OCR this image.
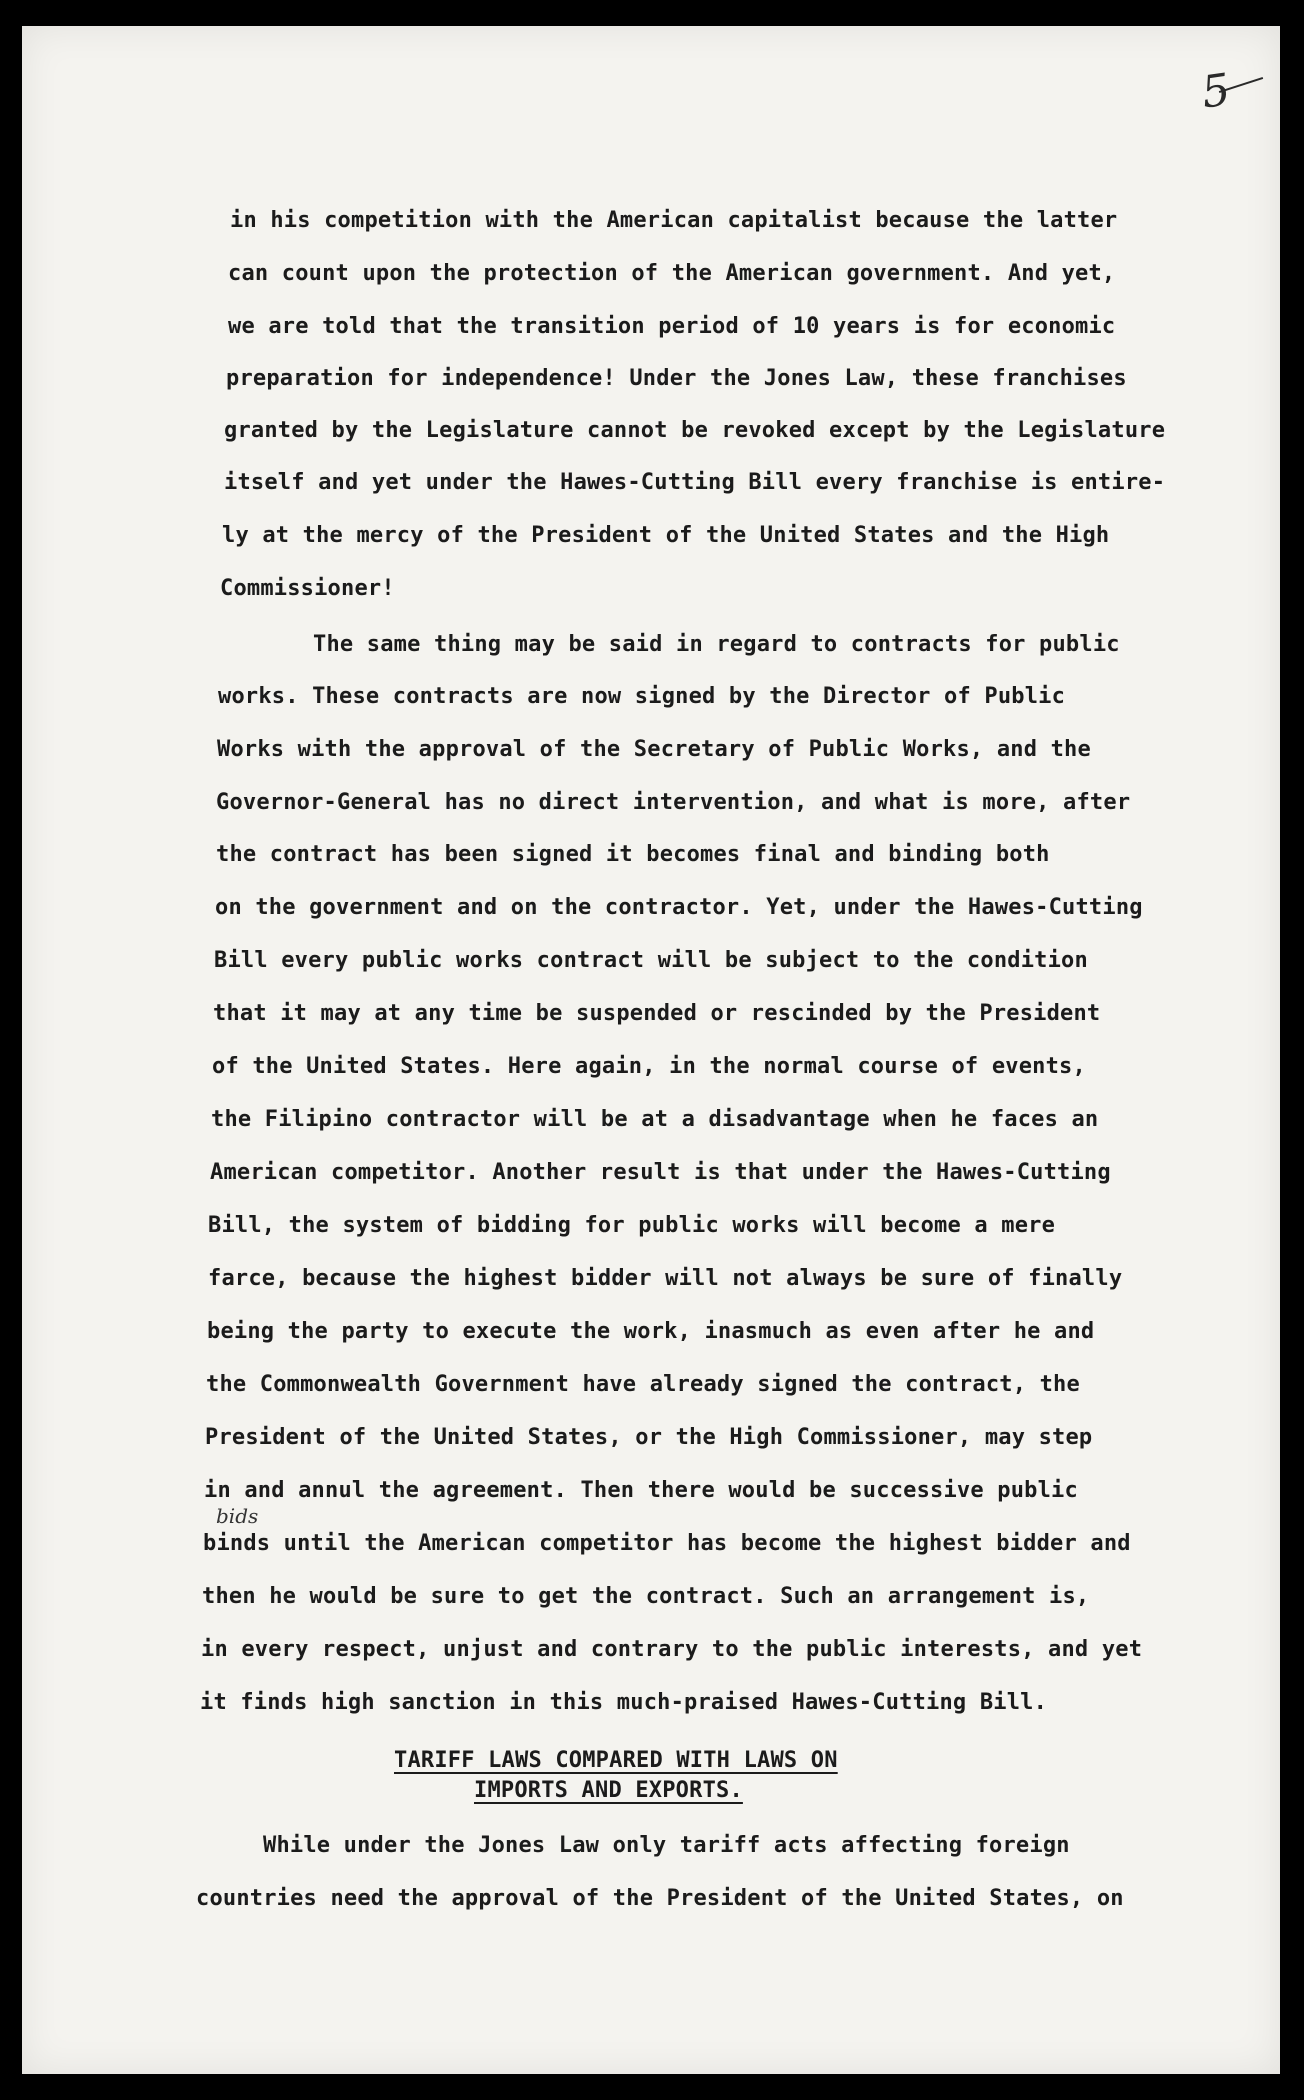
5
in his competition with the American capitalist because the latter
can count upon the protection of the American government. And yet,
we are told that the transition period of 10 years is for economic
preparation for independence! Under the Jones Law, these franchises
granted by the Legislature cannot be revoked except by the Legislature
itself and yet under the Hawes-Cutting Bill every franchise is entire-
ly at the mercy of the President of the United States and the High
Commissioner!
The same thing may be said in regard to contracts for public
works. These contracts are now signed by the Director of Public
Works with the approval of the Secretary of Public Works, and the
Governor-General has no direct intervention, and what is more, after
the contract has been signed it becomes final and binding both
on the government and on the contractor. Yet, under the Hawes-Cutting
Bill every public works contract will be subject to the condition
that it may at any time be suspended or rescinded by the President
of the United States. Here again, in the normal course of events,
the Filipino contractor will be at a disadvantage when he faces an
American competitor. Another result is that under the Hawes-Cutting
Bill, the system of bidding for public works will become a mere
farce, because the highest bidder will not always be sure of finally
being the party to execute the work, inasmuch as even after he and
the Commonwealth Government have already signed the contract, the
President of the United States, or the High Commissioner, may step
in and annul the agreement. Then there would be successive public
bids
binds until the American competitor has become the highest bidder and
then he would be sure to get the contract. Such an arrangement is,
in every respect, unjust and contrary to the public interests, and yet
it finds high sanction in this much-praised Hawes-Cutting Bill.
TARIFF LAWS COMPARED WITH LAWS ON
IMPORTS AND EXPORTS.
While under the Jones Law only tariff acts affecting foreign
countries need the approval of the President of the United States, on
